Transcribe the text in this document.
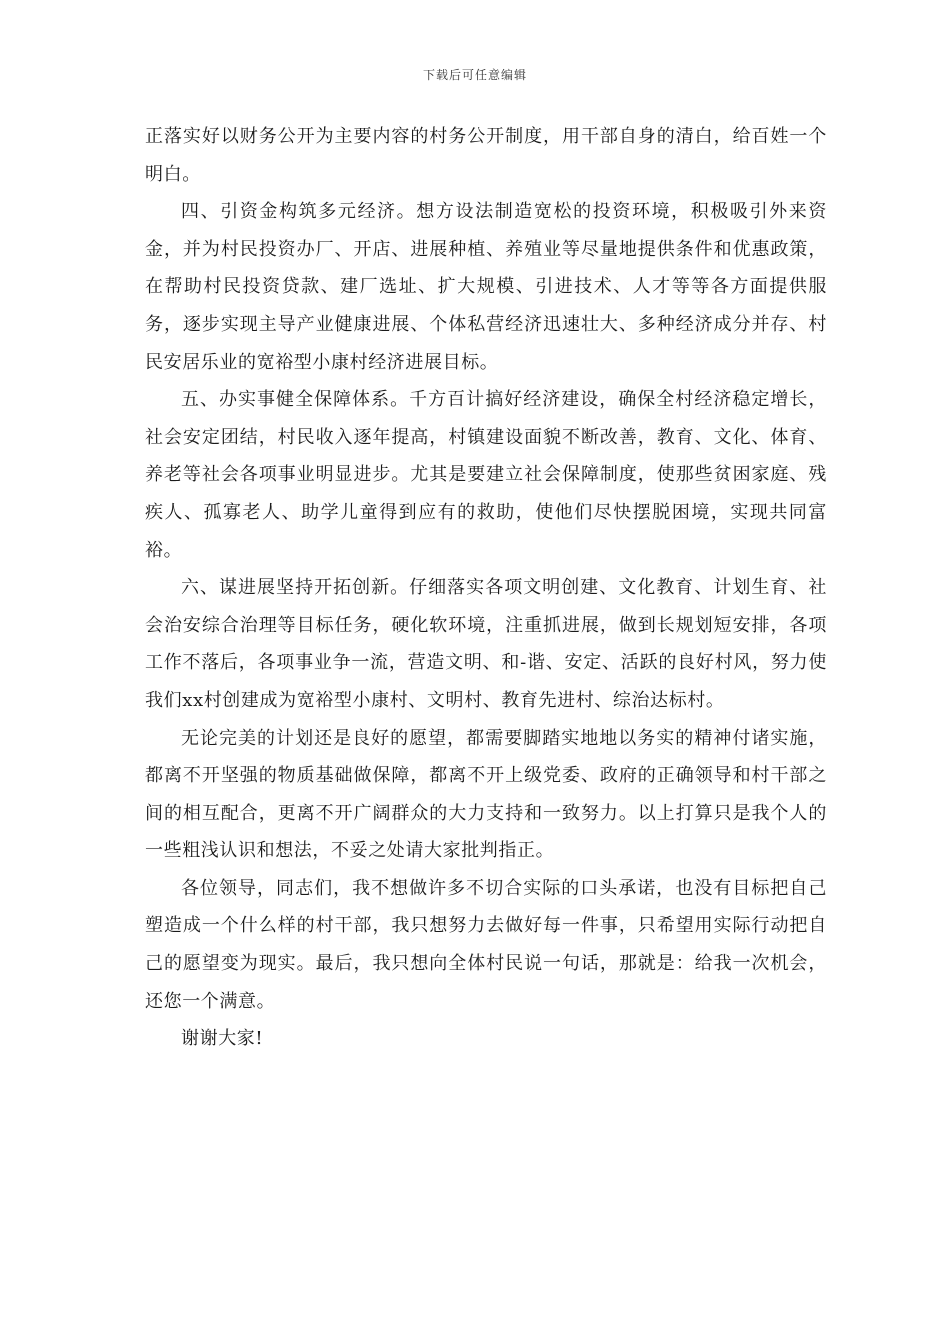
下载后可任意编辑

正落实好以财务公开为主要内容的村务公开制度，用干部自身的清白，给百姓一个明白。

四、引资金构筑多元经济。想方设法制造宽松的投资环境，积极吸引外来资金，并为村民投资办厂、开店、进展种植、养殖业等尽量地提供条件和优惠政策，在帮助村民投资贷款、建厂选址、扩大规模、引进技术、人才等等各方面提供服务，逐步实现主导产业健康进展、个体私营经济迅速壮大、多种经济成分并存、村民安居乐业的宽裕型小康村经济进展目标。

五、办实事健全保障体系。千方百计搞好经济建设，确保全村经济稳定增长，社会安定团结，村民收入逐年提高，村镇建设面貌不断改善，教育、文化、体育、养老等社会各项事业明显进步。尤其是要建立社会保障制度，使那些贫困家庭、残疾人、孤寡老人、助学儿童得到应有的救助，使他们尽快摆脱困境，实现共同富裕。

六、谋进展坚持开拓创新。仔细落实各项文明创建、文化教育、计划生育、社会治安综合治理等目标任务，硬化软环境，注重抓进展，做到长规划短安排，各项工作不落后，各项事业争一流，营造文明、和-谐、安定、活跃的良好村风，努力使我们xx村创建成为宽裕型小康村、文明村、教育先进村、综治达标村。

无论完美的计划还是良好的愿望，都需要脚踏实地地以务实的精神付诸实施，都离不开坚强的物质基础做保障，都离不开上级党委、政府的正确领导和村干部之间的相互配合，更离不开广阔群众的大力支持和一致努力。以上打算只是我个人的一些粗浅认识和想法，不妥之处请大家批判指正。

各位领导，同志们，我不想做许多不切合实际的口头承诺，也没有目标把自己塑造成一个什么样的村干部，我只想努力去做好每一件事，只希望用实际行动把自己的愿望变为现实。最后，我只想向全体村民说一句话，那就是：给我一次机会，还您一个满意。

谢谢大家!
